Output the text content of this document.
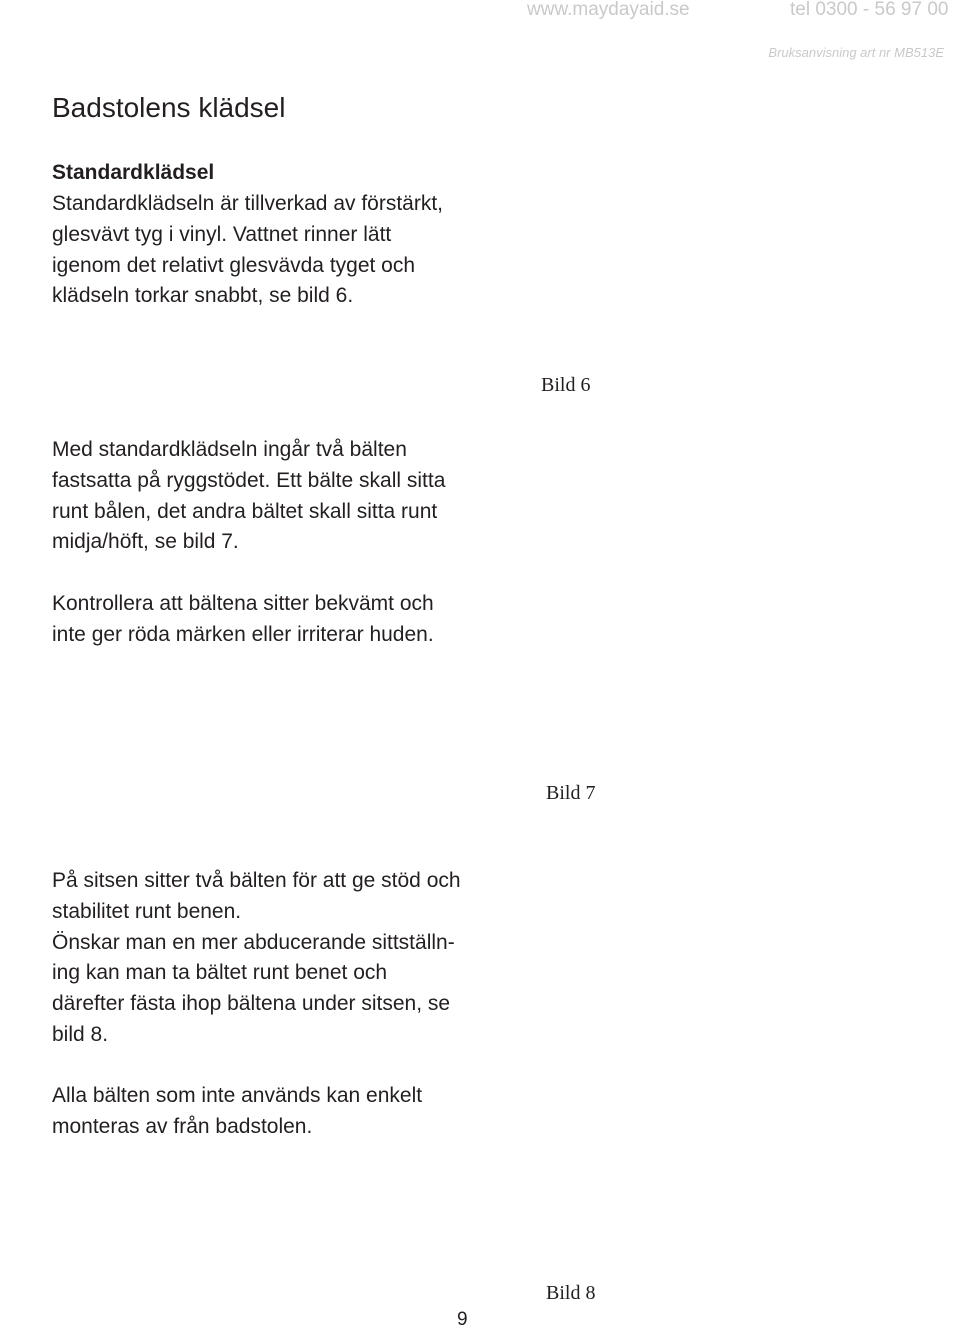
www.maydayaid.se	tel 0300 - 56 97 00
Bruksanvisning art nr MB513E
Badstolens klädsel
Standardklädsel

Standardklädseln är tillverkad av förstärkt,
glesvävt tyg i vinyl. Vattnet rinner lätt
igenom det relativt glesvävda tyget och
klädseln torkar snabbt, se bild 6.

Bild 6

Med standardklädseln ingår två bälten
fastsatta på ryggstödet. Ett bälte skall sitta
runt bålen, det andra bältet skall sitta runt
midja/höft, se bild 7.

Kontrollera att bältena sitter bekvämt och
inte ger röda märken eller irriterar huden.

Bild 7

På sitsen sitter två bälten för att ge stöd och
stabilitet runt benen.
Önskar man en mer abducerande sittställn-
ing kan man ta bältet runt benet och
därefter fästa ihop bältena under sitsen, se
bild 8.

Alla bälten som inte används kan enkelt
monteras av från badstolen.

Bild 8
9
